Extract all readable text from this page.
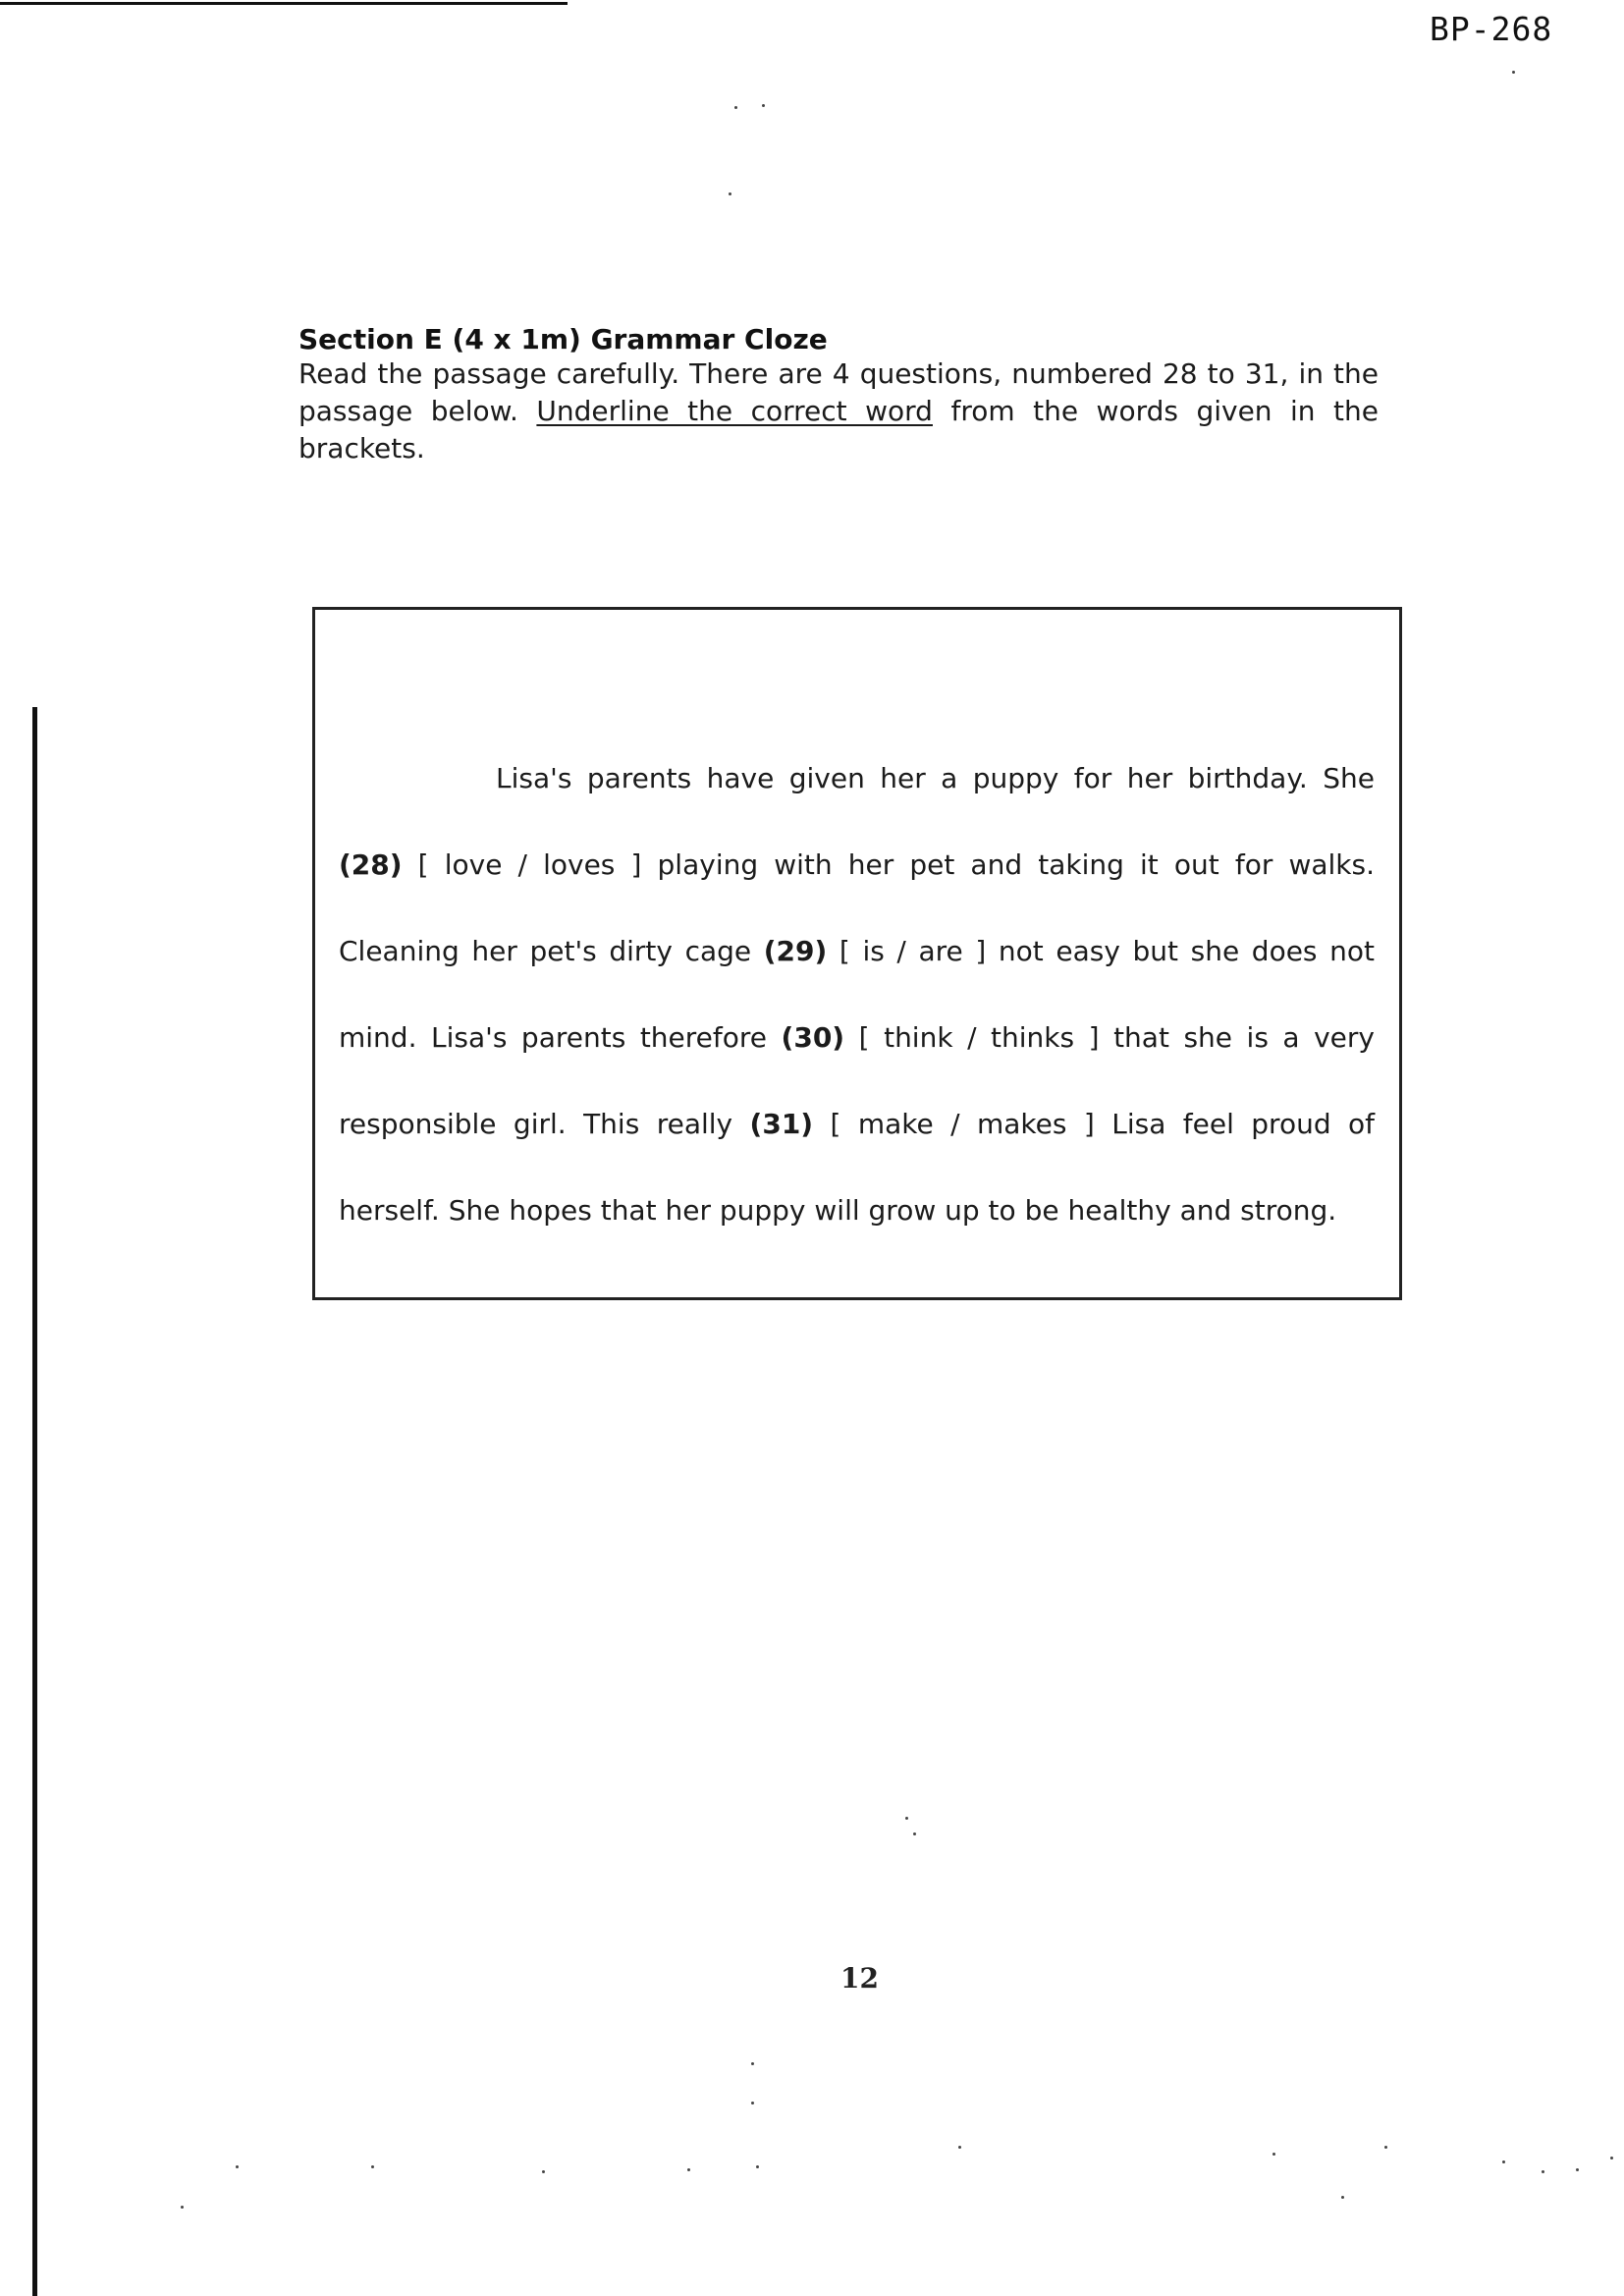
BP-268
Section E (4 x 1m) Grammar Cloze

Read the passage carefully. There are 4 questions, numbered 28 to 31, in the passage below. Underline the correct word from the words given in the brackets.

Lisa's parents have given her a puppy for her birthday. She (28) [ love / loves ] playing with her pet and taking it out for walks. Cleaning her pet's dirty cage (29) [ is / are ] not easy but she does not mind. Lisa's parents therefore (30) [ think / thinks ] that she is a very responsible girl. This really (31) [ make / makes ] Lisa feel proud of herself. She hopes that her puppy will grow up to be healthy and strong.

12
